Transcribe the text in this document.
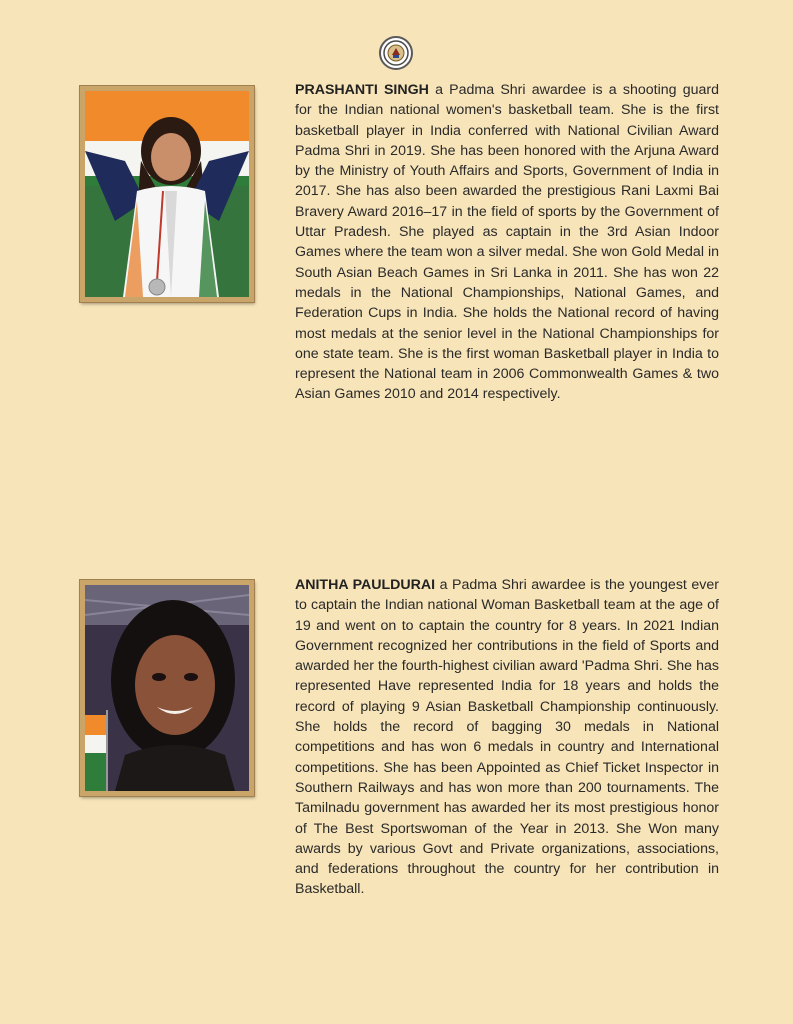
PRASHANTI SINGH a Padma Shri awardee is a shooting guard for the Indian national women's basketball team. She is the first basketball player in India conferred with National Civilian Award Padma Shri in 2019. She has been honored with the Arjuna Award by the Ministry of Youth Affairs and Sports, Government of India in 2017. She has also been awarded the prestigious Rani Laxmi Bai Bravery Award 2016–17 in the field of sports by the Government of Uttar Pradesh. She played as captain in the 3rd Asian Indoor Games where the team won a silver medal. She won Gold Medal in South Asian Beach Games in Sri Lanka in 2011. She has won 22 medals in the National Championships, National Games, and Federation Cups in India. She holds the National record of having most medals at the senior level in the National Championships for one state team. She is the first woman Basketball player in India to represent the National team in 2006 Commonwealth Games & two Asian Games 2010 and 2014 respectively.

ANITHA PAULDURAI a Padma Shri awardee is the youngest ever to captain the Indian national Woman Basketball team at the age of 19 and went on to captain the country for 8 years. In 2021 Indian Government recognized her contributions in the field of Sports and awarded her the fourth-highest civilian award 'Padma Shri. She has represented Have represented India for 18 years and holds the record of playing 9 Asian Basketball Championship continuously. She holds the record of bagging 30 medals in National competitions and has won 6 medals in country and International competitions. She has been Appointed as Chief Ticket Inspector in Southern Railways and has won more than 200 tournaments. The Tamilnadu government has awarded her its most prestigious honor of The Best Sportswoman of the Year in 2013. She Won many awards by various Govt and Private organizations, associations, and federations throughout the country for her contribution in Basketball.
